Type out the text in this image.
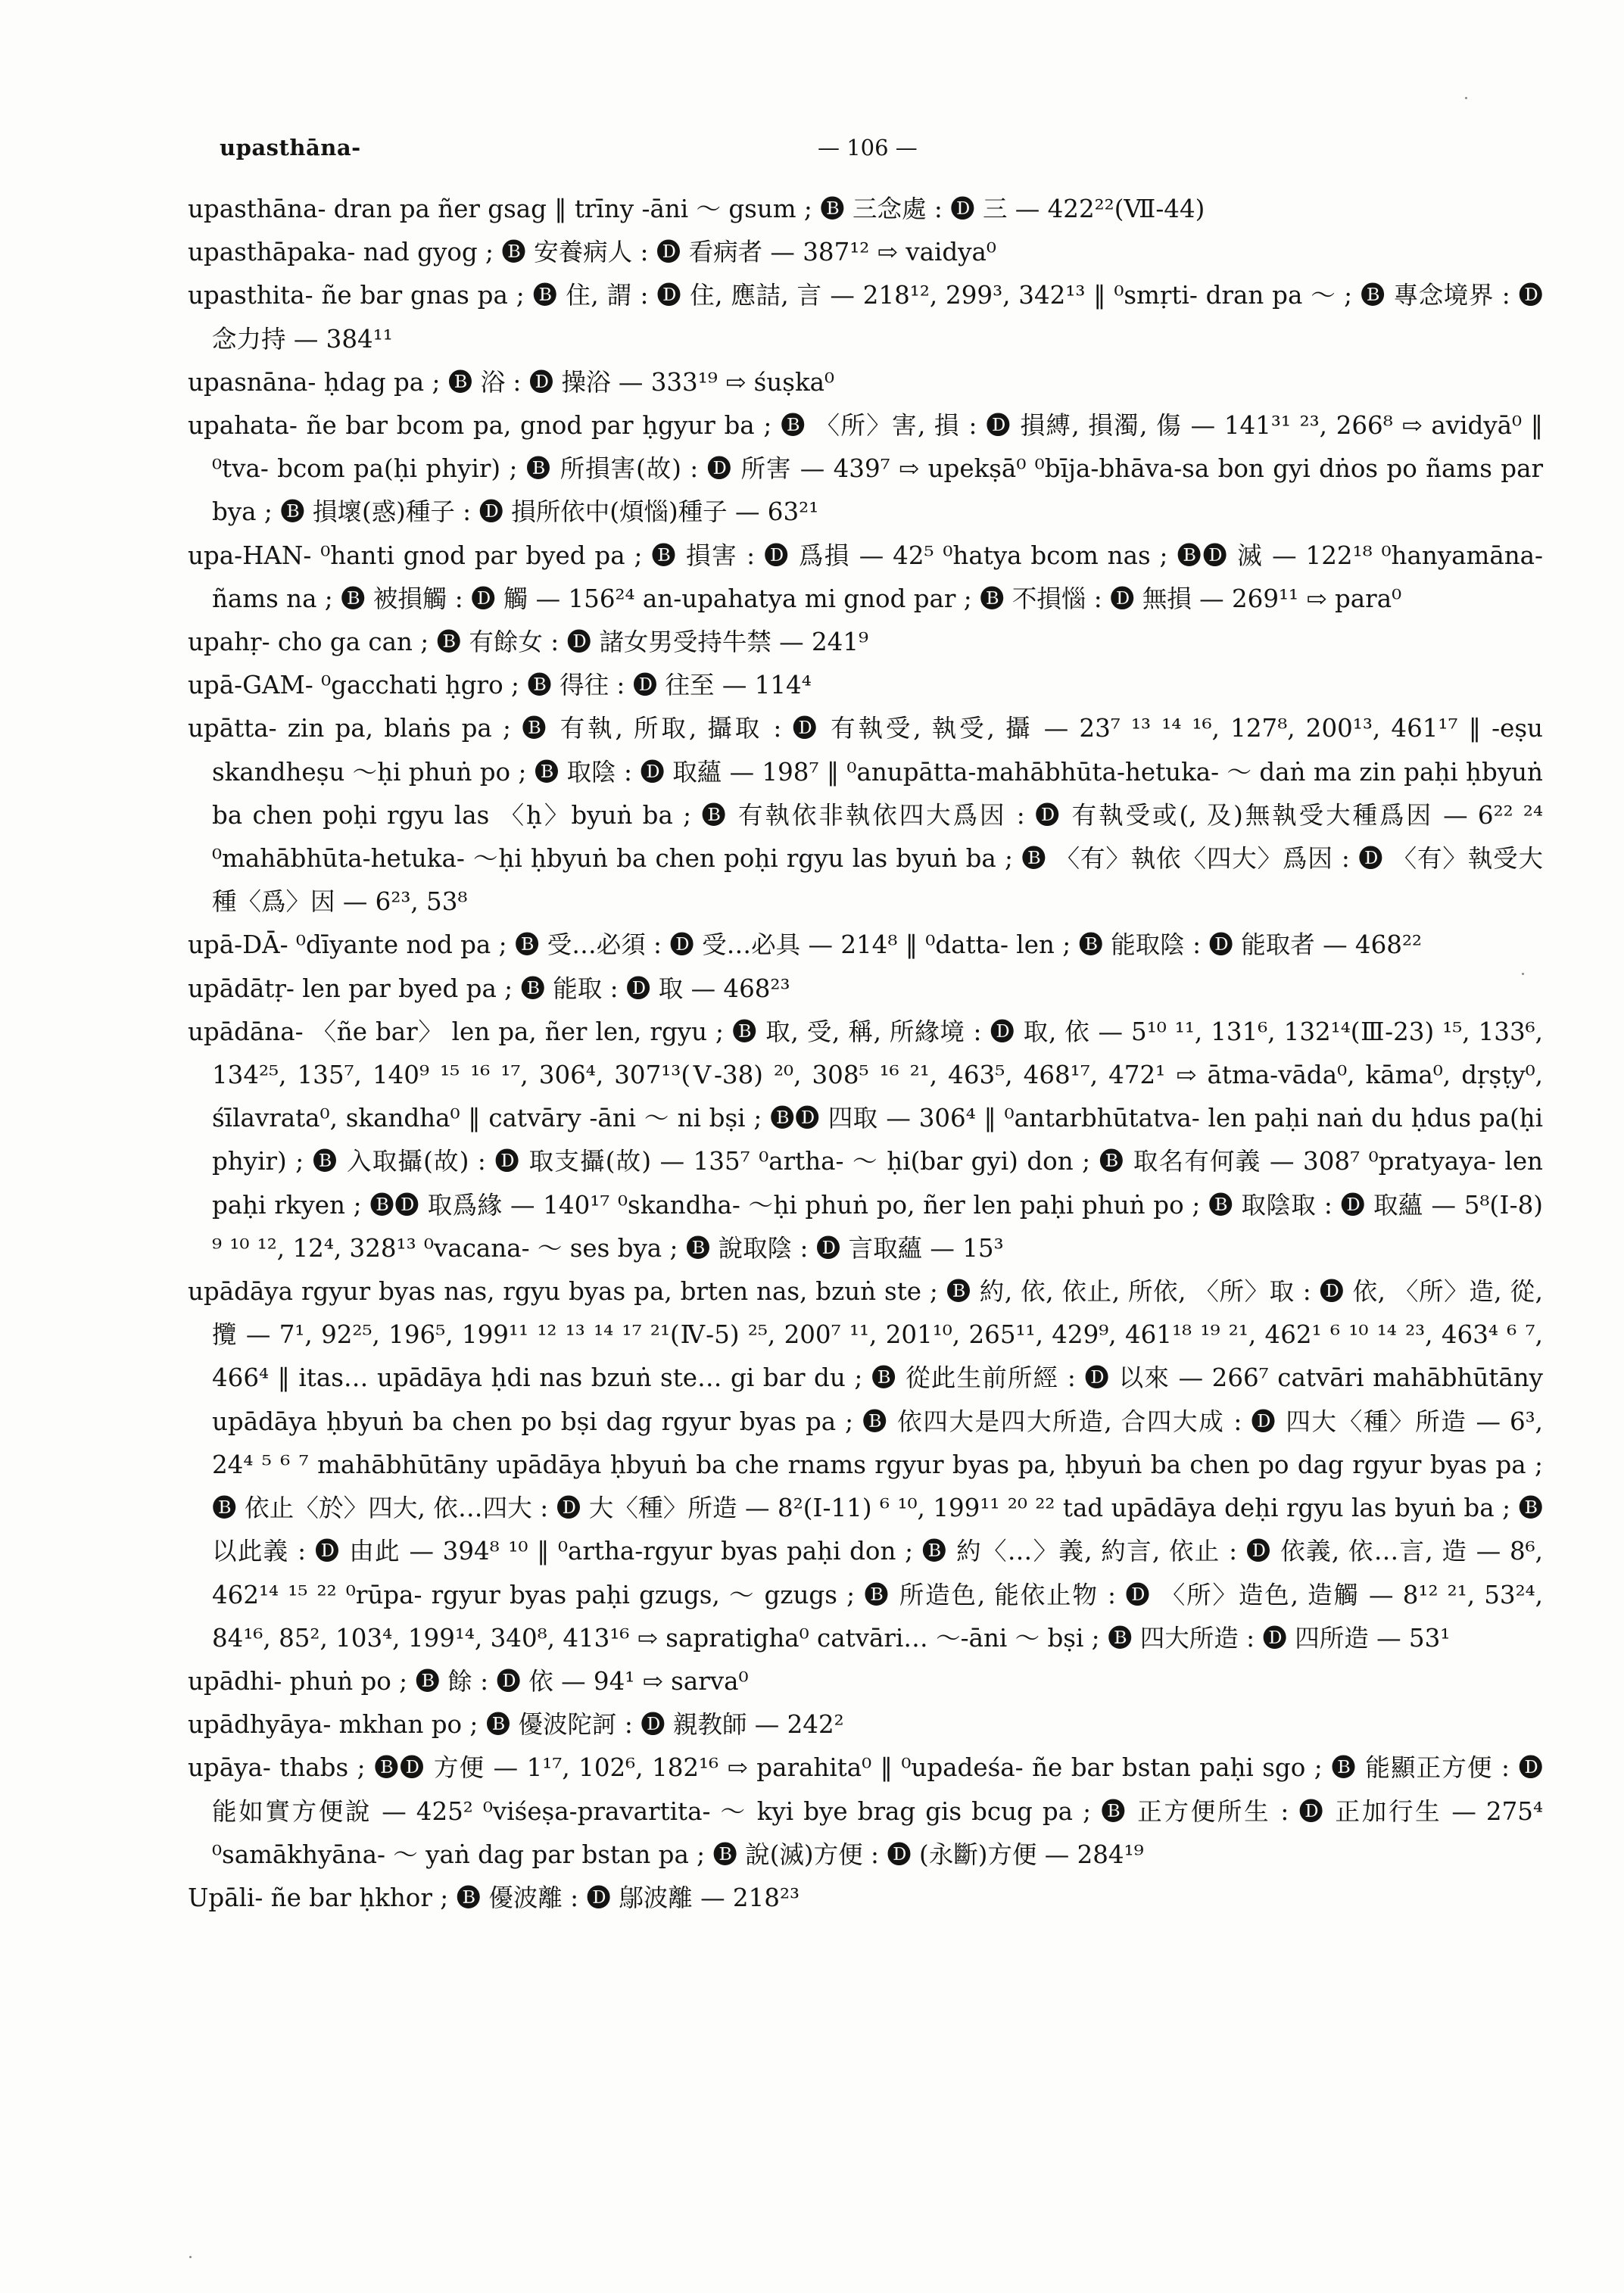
upasthāna-	— 106 —

upasthāna- dran pa ñer gsag ‖ trīny -āni ～ gsum ; 🅑 三念處 : 🅓 三 — 422²²(Ⅶ-44)

upasthāpaka- nad gyog ; 🅑 安養病人 : 🅓 看病者 — 387¹² ⇨ vaidya⁰

upasthita- ñe bar gnas pa ; 🅑 住, 謂 : 🅓 住, 應詰, 言 — 218¹², 299³, 342¹³ ‖ ⁰smṛti- dran pa ～ ; 🅑 專念境界 : 🅓 念力持 — 384¹¹

upasnāna- ḥdag pa ; 🅑 浴 : 🅓 操浴 — 333¹⁹ ⇨ śuṣka⁰

upahata- ñe bar bcom pa, gnod par ḥgyur ba ; 🅑 〈所〉害, 損 : 🅓 損縛, 損濁, 傷 — 141³¹ ²³, 266⁸ ⇨ avidyā⁰ ‖ ⁰tva- bcom pa(ḥi phyir) ; 🅑 所損害(故) : 🅓 所害 — 439⁷ ⇨ upekṣā⁰ ⁰bīja-bhāva-sa bon gyi dṅos po ñams par bya ; 🅑 損壞(惑)種子 : 🅓 損所依中(煩惱)種子 — 63²¹

upa-HAN- ⁰hanti gnod par byed pa ; 🅑 損害 : 🅓 爲損 — 42⁵ ⁰hatya bcom nas ; 🅑🅓 滅 — 122¹⁸ ⁰hanyamāna- ñams na ; 🅑 被損觸 : 🅓 觸 — 156²⁴ an-upahatya mi gnod par ; 🅑 不損惱 : 🅓 無損 — 269¹¹ ⇨ para⁰

upahṛ- cho ga can ; 🅑 有餘女 : 🅓 諸女男受持牛禁 — 241⁹

upā-GAM- ⁰gacchati ḥgro ; 🅑 得往 : 🅓 往至 — 114⁴

upātta- zin pa, blaṅs pa ; 🅑 有執, 所取, 攝取 : 🅓 有執受, 執受, 攝 — 23⁷ ¹³ ¹⁴ ¹⁶, 127⁸, 200¹³, 461¹⁷ ‖ -eṣu skandheṣu ～ḥi phuṅ po ; 🅑 取陰 : 🅓 取蘊 — 198⁷ ‖ ⁰anupātta-mahābhūta-hetuka- ～ daṅ ma zin paḥi ḥbyuṅ ba chen poḥi rgyu las 〈ḥ〉byuṅ ba ; 🅑 有執依非執依四大爲因 : 🅓 有執受或(, 及)無執受大種爲因 — 6²² ²⁴ ⁰mahābhūta-hetuka- ～ḥi ḥbyuṅ ba chen poḥi rgyu las byuṅ ba ; 🅑 〈有〉執依〈四大〉爲因 : 🅓 〈有〉執受大種〈爲〉因 — 6²³, 53⁸

upā-DĀ- ⁰dīyante nod pa ; 🅑 受…必須 : 🅓 受…必具 — 214⁸ ‖ ⁰datta- len ; 🅑 能取陰 : 🅓 能取者 — 468²²

upādātṛ- len par byed pa ; 🅑 能取 : 🅓 取 — 468²³

upādāna- 〈ñe bar〉 len pa, ñer len, rgyu ; 🅑 取, 受, 稱, 所緣境 : 🅓 取, 依 — 5¹⁰ ¹¹, 131⁶, 132¹⁴(Ⅲ-23) ¹⁵, 133⁶, 134²⁵, 135⁷, 140⁹ ¹⁵ ¹⁶ ¹⁷, 306⁴, 307¹³(Ⅴ-38) ²⁰, 308⁵ ¹⁶ ²¹, 463⁵, 468¹⁷, 472¹ ⇨ ātma-vāda⁰, kāma⁰, dṛṣṭy⁰, śīlavrata⁰, skandha⁰ ‖ catvāry -āni ～ ni bṣi ; 🅑🅓 四取 — 306⁴ ‖ ⁰antarbhūtatva- len paḥi naṅ du ḥdus pa(ḥi phyir) ; 🅑 入取攝(故) : 🅓 取支攝(故) — 135⁷ ⁰artha- ～ ḥi(bar gyi) don ; 🅑 取名有何義 — 308⁷ ⁰pratyaya- len paḥi rkyen ; 🅑🅓 取爲緣 — 140¹⁷ ⁰skandha- ～ḥi phuṅ po, ñer len paḥi phuṅ po ; 🅑 取陰取 : 🅓 取蘊 — 5⁸(Ⅰ-8) ⁹ ¹⁰ ¹², 12⁴, 328¹³ ⁰vacana- ～ ses bya ; 🅑 說取陰 : 🅓 言取蘊 — 15³

upādāya rgyur byas nas, rgyu byas pa, brten nas, bzuṅ ste ; 🅑 約, 依, 依止, 所依, 〈所〉取 : 🅓 依, 〈所〉造, 從, 攬 — 7¹, 92²⁵, 196⁵, 199¹¹ ¹² ¹³ ¹⁴ ¹⁷ ²¹(Ⅳ-5) ²⁵, 200⁷ ¹¹, 201¹⁰, 265¹¹, 429⁹, 461¹⁸ ¹⁹ ²¹, 462¹ ⁶ ¹⁰ ¹⁴ ²³, 463⁴ ⁶ ⁷, 466⁴ ‖ itas… upādāya ḥdi nas bzuṅ ste… gi bar du ; 🅑 從此生前所經 : 🅓 以來 — 266⁷ catvāri mahābhūtāny upādāya ḥbyuṅ ba chen po bṣi dag rgyur byas pa ; 🅑 依四大是四大所造, 合四大成 : 🅓 四大〈種〉所造 — 6³, 24⁴ ⁵ ⁶ ⁷ mahābhūtāny upādāya ḥbyuṅ ba che rnams rgyur byas pa, ḥbyuṅ ba chen po dag rgyur byas pa ; 🅑 依止〈於〉四大, 依…四大 : 🅓 大〈種〉所造 — 8²(Ⅰ-11) ⁶ ¹⁰, 199¹¹ ²⁰ ²² tad upādāya deḥi rgyu las byuṅ ba ; 🅑 以此義 : 🅓 由此 — 394⁸ ¹⁰ ‖ ⁰artha-rgyur byas paḥi don ; 🅑 約〈…〉義, 約言, 依止 : 🅓 依義, 依…言, 造 — 8⁶, 462¹⁴ ¹⁵ ²² ⁰rūpa- rgyur byas paḥi gzugs, ～ gzugs ; 🅑 所造色, 能依止物 : 🅓 〈所〉造色, 造觸 — 8¹² ²¹, 53²⁴, 84¹⁶, 85², 103⁴, 199¹⁴, 340⁸, 413¹⁶ ⇨ sapratigha⁰ catvāri… ～-āni ～ bṣi ; 🅑 四大所造 : 🅓 四所造 — 53¹

upādhi- phuṅ po ; 🅑 餘 : 🅓 依 — 94¹ ⇨ sarva⁰

upādhyāya- mkhan po ; 🅑 優波陀訶 : 🅓 親教師 — 242²

upāya- thabs ; 🅑🅓 方便 — 1¹⁷, 102⁶, 182¹⁶ ⇨ parahita⁰ ‖ ⁰upadeśa- ñe bar bstan paḥi sgo ; 🅑 能顯正方便 : 🅓 能如實方便說 — 425² ⁰viśeṣa-pravartita- ～ kyi bye brag gis bcug pa ; 🅑 正方便所生 : 🅓 正加行生 — 275⁴ ⁰samākhyāna- ～ yaṅ dag par bstan pa ; 🅑 說(滅)方便 : 🅓 (永斷)方便 — 284¹⁹

Upāli- ñe bar ḥkhor ; 🅑 優波離 : 🅓 鄔波離 — 218²³
